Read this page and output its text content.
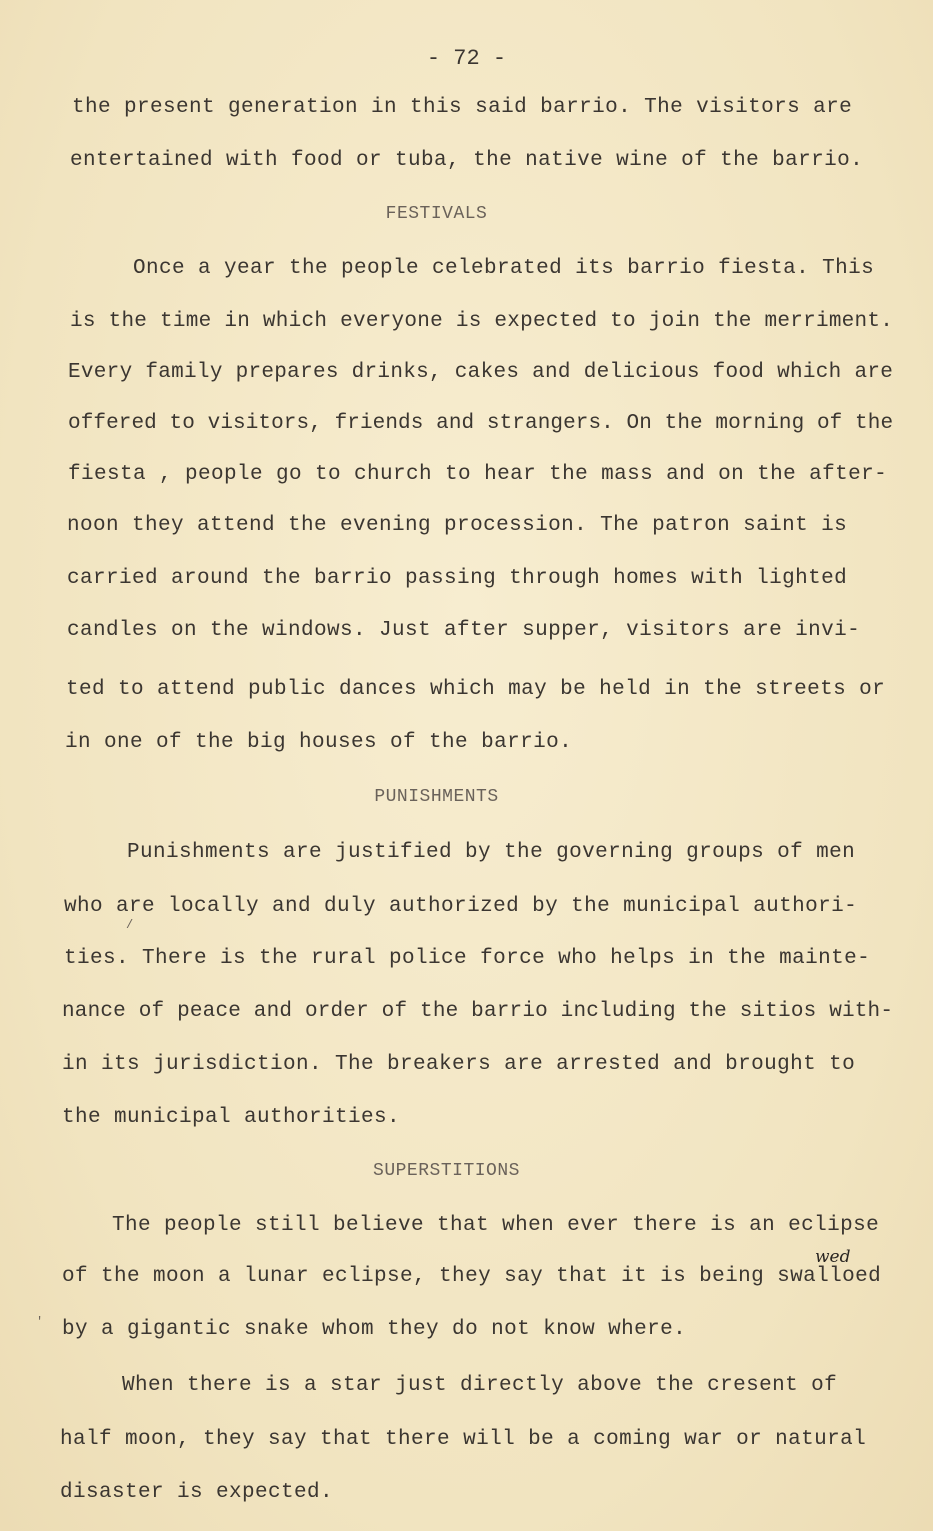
- 72 -
the present generation in this said barrio. The visitors are
entertained with food or tuba, the native wine of the barrio.
FESTIVALS
Once a year the people celebrated its barrio fiesta. This
is the time in which everyone is expected to join the merriment.
Every family prepares drinks, cakes and delicious food which are
offered to visitors, friends and strangers. On the morning of the
fiesta , people go to church to hear the mass and on the after-
noon they attend the evening procession. The patron saint is
carried around the barrio passing through homes with lighted
candles on the windows. Just after supper, visitors are invi-
ted to attend public dances which may be held in the streets or
in one of the big houses of the barrio.
PUNISHMENTS
Punishments are justified by the governing groups of men
who are locally and duly authorized by the municipal authori-
/
ties. There is the rural police force who helps in the mainte-
nance of peace and order of the barrio including the sitios with-
in its jurisdiction. The breakers are arrested and brought to
the municipal authorities.
SUPERSTITIONS
The people still believe that when ever there is an eclipse
of the moon a lunar eclipse, they say that it is being swalloed
wed
' by a gigantic snake whom they do not know where.
When there is a star just directly above the cresent of
half moon, they say that there will be a coming war or natural
disaster is expected.
